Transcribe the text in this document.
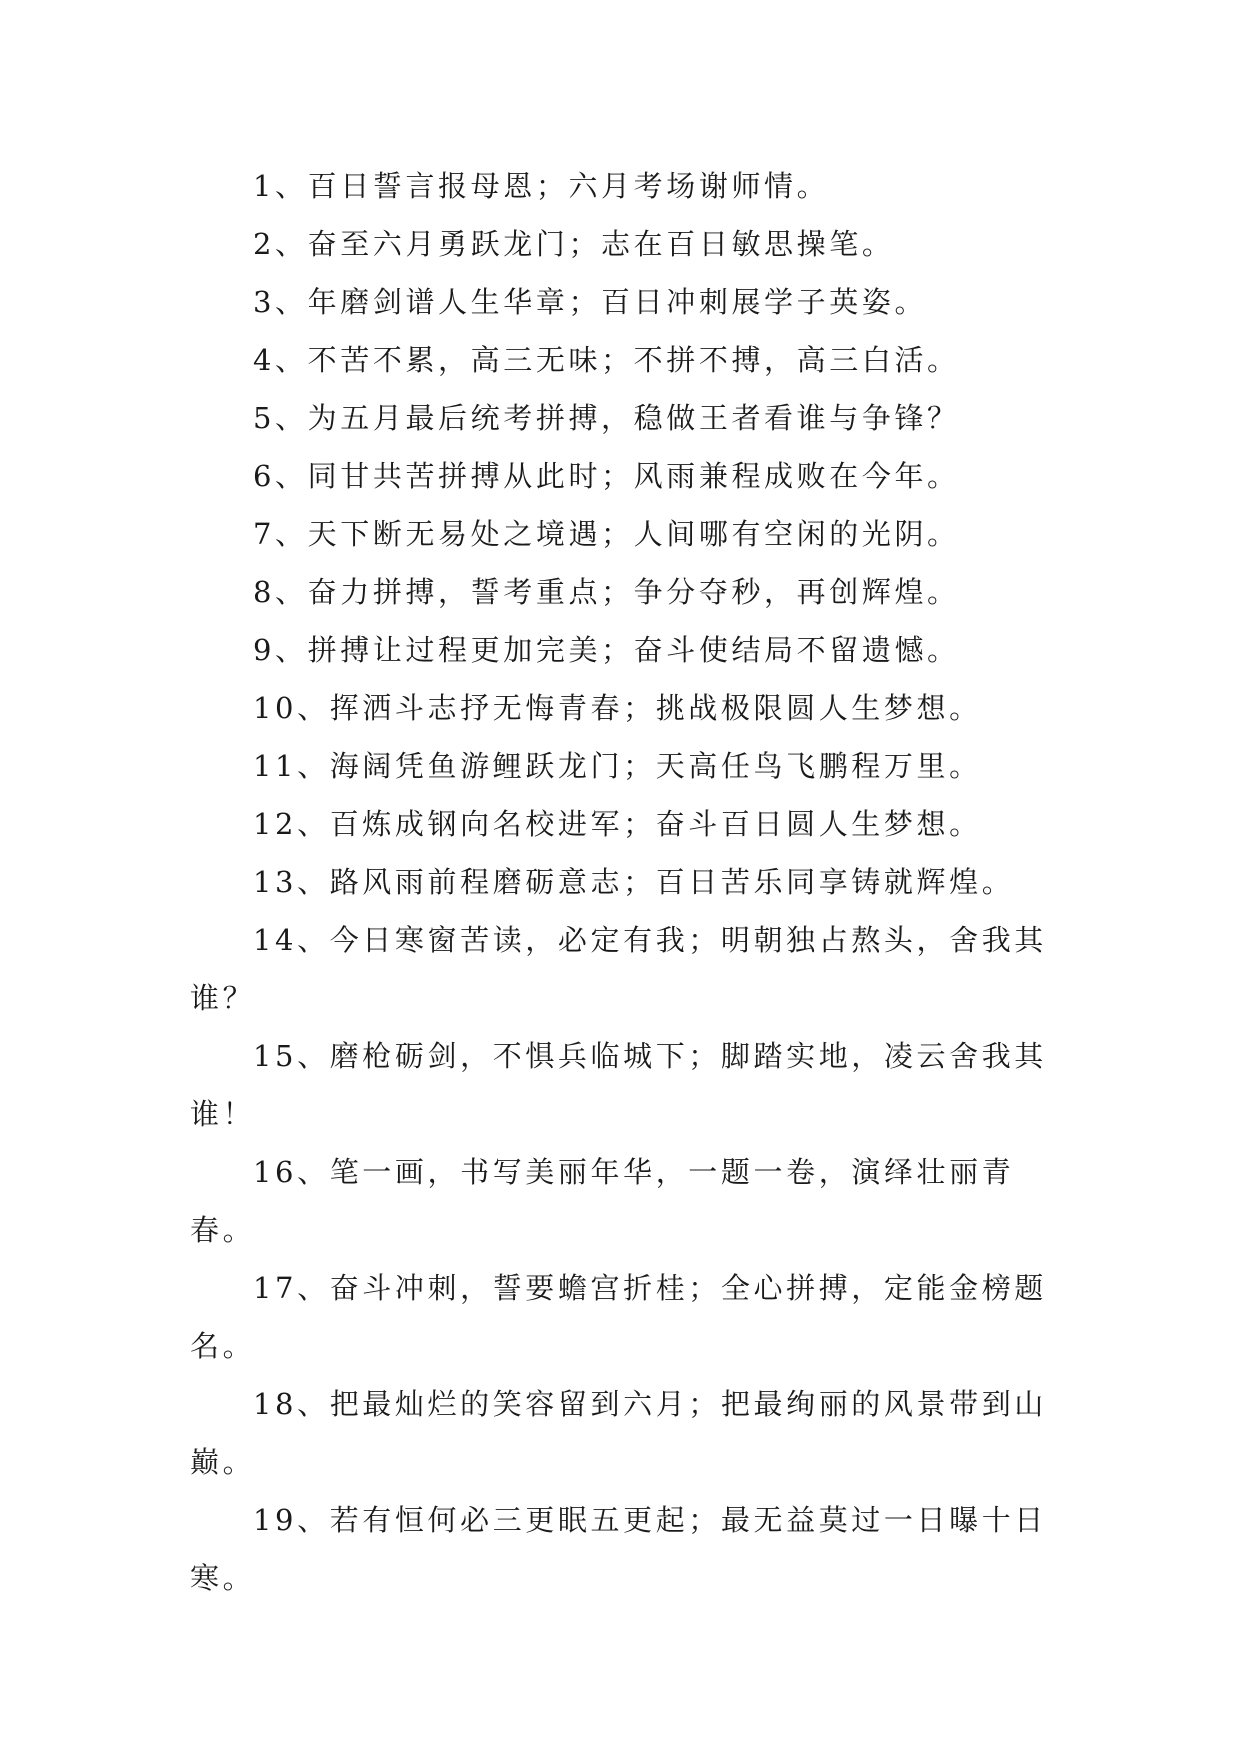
1、百日誓言报母恩；六月考场谢师情。

2、奋至六月勇跃龙门；志在百日敏思操笔。

3、年磨剑谱人生华章；百日冲刺展学子英姿。

4、不苦不累，高三无味；不拼不搏，高三白活。

5、为五月最后统考拼搏，稳做王者看谁与争锋？

6、同甘共苦拼搏从此时；风雨兼程成败在今年。

7、天下断无易处之境遇；人间哪有空闲的光阴。

8、奋力拼搏，誓考重点；争分夺秒，再创辉煌。

9、拼搏让过程更加完美；奋斗使结局不留遗憾。

10、挥洒斗志抒无悔青春；挑战极限圆人生梦想。

11、海阔凭鱼游鲤跃龙门；天高任鸟飞鹏程万里。

12、百炼成钢向名校进军；奋斗百日圆人生梦想。

13、路风雨前程磨砺意志；百日苦乐同享铸就辉煌。

14、今日寒窗苦读，必定有我；明朝独占熬头，舍我其谁？

15、磨枪砺剑，不惧兵临城下；脚踏实地，凌云舍我其谁！

16、笔一画，书写美丽年华，一题一卷，演绎壮丽青春。

17、奋斗冲刺，誓要蟾宫折桂；全心拼搏，定能金榜题名。

18、把最灿烂的笑容留到六月；把最绚丽的风景带到山巅。

19、若有恒何必三更眠五更起；最无益莫过一日曝十日寒。
